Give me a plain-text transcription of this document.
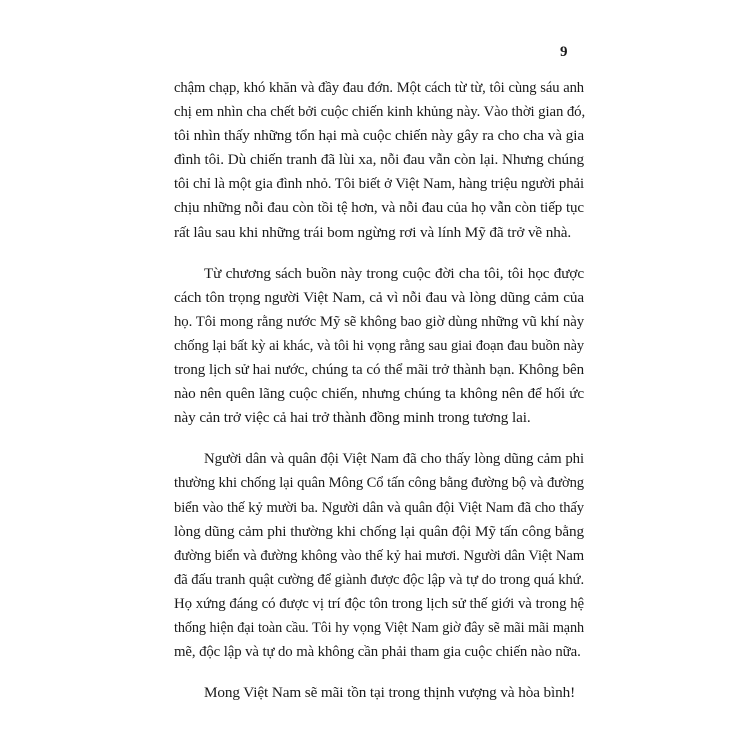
9
chậm chạp, khó khăn và đầy đau đớn. Một cách từ từ, tôi cùng sáu anh
chị em nhìn cha chết bởi cuộc chiến kinh khủng này. Vào thời gian đó,
tôi nhìn thấy những tổn hại mà cuộc chiến này gây ra cho cha và gia
đình tôi. Dù chiến tranh đã lùi xa, nỗi đau vẫn còn lại. Nhưng chúng
tôi chỉ là một gia đình nhỏ. Tôi biết ở Việt Nam, hàng triệu người phải
chịu những nỗi đau còn tồi tệ hơn, và nỗi đau của họ vẫn còn tiếp tục
rất lâu sau khi những trái bom ngừng rơi và lính Mỹ đã trở về nhà.
Từ chương sách buồn này trong cuộc đời cha tôi, tôi học được
cách tôn trọng người Việt Nam, cả vì nỗi đau và lòng dũng cảm của
họ. Tôi mong rằng nước Mỹ sẽ không bao giờ dùng những vũ khí này
chống lại bất kỳ ai khác, và tôi hi vọng rằng sau giai đoạn đau buồn này
trong lịch sử hai nước, chúng ta có thể mãi trở thành bạn. Không bên
nào nên quên lãng cuộc chiến, nhưng chúng ta không nên để hối ức
này cản trở việc cả hai trở thành đồng minh trong tương lai.
Người dân và quân đội Việt Nam đã cho thấy lòng dũng cảm phi
thường khi chống lại quân Mông Cổ tấn công bằng đường bộ và đường
biển vào thế kỷ mười ba. Người dân và quân đội Việt Nam đã cho thấy
lòng dũng cảm phi thường khi chống lại quân đội Mỹ tấn công bằng
đường biển và đường không vào thế kỷ hai mươi. Người dân Việt Nam
đã đấu tranh quật cường để giành được độc lập và tự do trong quá khứ.
Họ xứng đáng có được vị trí độc tôn trong lịch sử thế giới và trong hệ
thống hiện đại toàn cầu. Tôi hy vọng Việt Nam giờ đây sẽ mãi mãi mạnh
mẽ, độc lập và tự do mà không cần phải tham gia cuộc chiến nào nữa.
Mong Việt Nam sẽ mãi tồn tại trong thịnh vượng và hòa bình!
